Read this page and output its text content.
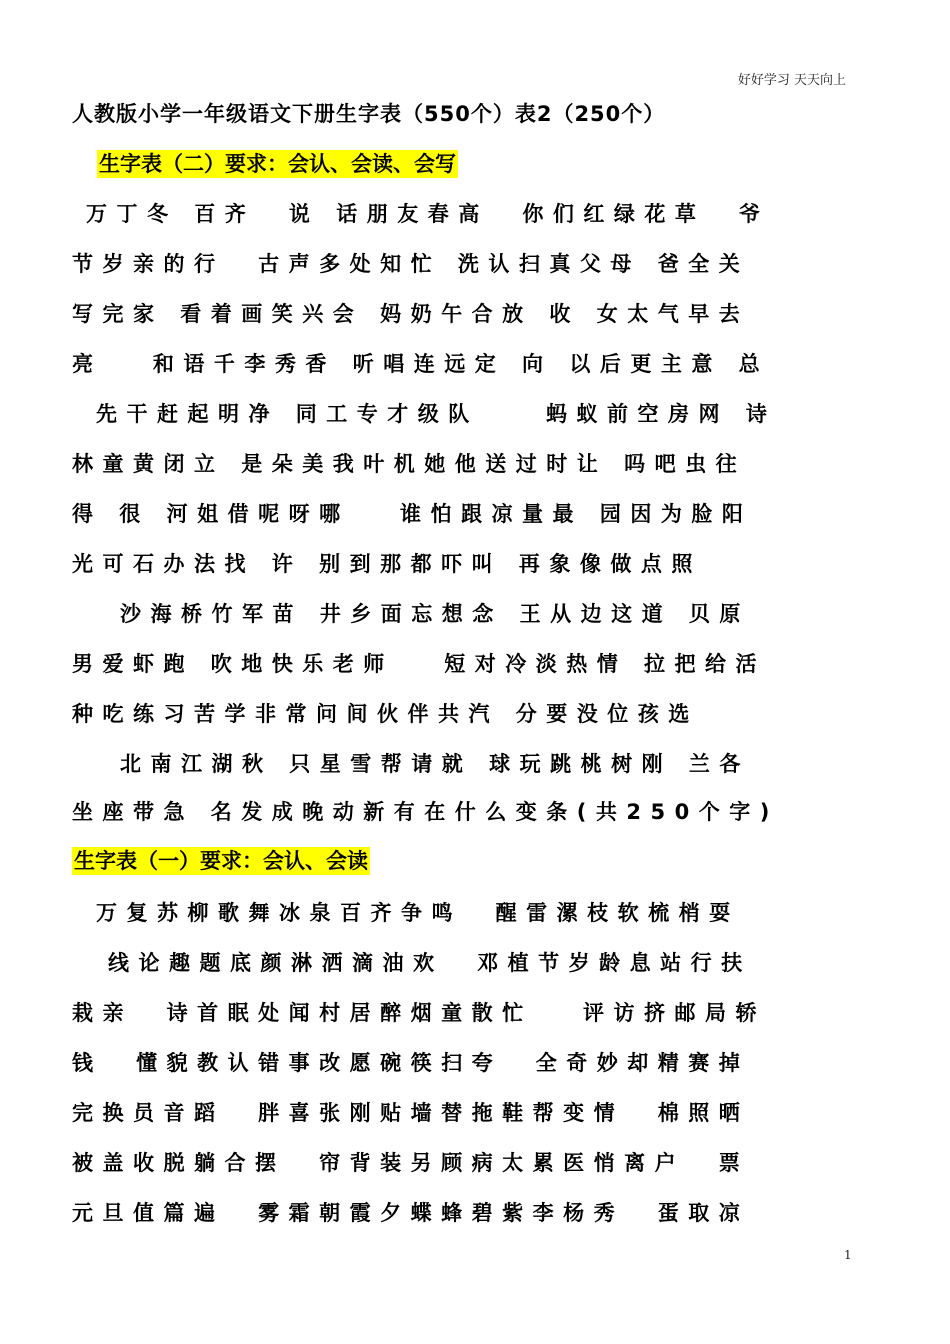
好好学习 天天向上
人教版小学一年级语文下册生字表（550个）表2（250个）
生字表（二）要求：会认、会读、会写
万丁冬 百齐  说 话朋友春高  你们红绿花草  爷
节岁亲的行  古声多处知忙 洗认扫真父母 爸全关
写完家 看着画笑兴会 妈奶午合放 收 女太气早去
亮   和语千李秀香 听唱连远定 向 以后更主意 总
先干赶起明净 同工专才级队    蚂蚁前空房网 诗
林童黄闭立 是朵美我叶机她他送过时让 吗吧虫往
得 很 河姐借呢呀哪   谁怕跟凉量最 园因为脸阳
光可石办法找 许 别到那都吓叫 再象像做点照
沙海桥竹军苗 井乡面忘想念 王从边这道 贝原
男爱虾跑 吹地快乐老师   短对冷淡热情 拉把给活
种吃练习苦学非常问间伙伴共汽 分要没位孩选
北南江湖秋 只星雪帮请就 球玩跳桃树刚 兰各
坐座带急 名发成晚动新有在什么变条(共250个字)
生字表（一）要求：会认、会读
万复苏柳歌舞冰泉百齐争鸣  醒雷漯枝软梳梢耍
线论趣题底颜淋洒滴油欢  邓植节岁龄息站行扶
栽亲  诗首眠处闻村居醉烟童散忙   评访挤邮局轿
钱  懂貌教认错事改愿碗筷扫夸  全奇妙却精赛掉
完换员音蹈  胖喜张刚贴墙替拖鞋帮变情  棉照晒
被盖收脱躺合摆  帘背装另顾病太累医悄离户  票
元旦值篇遍  雾霜朝霞夕蝶蜂碧紫李杨秀  蛋取凉
1
